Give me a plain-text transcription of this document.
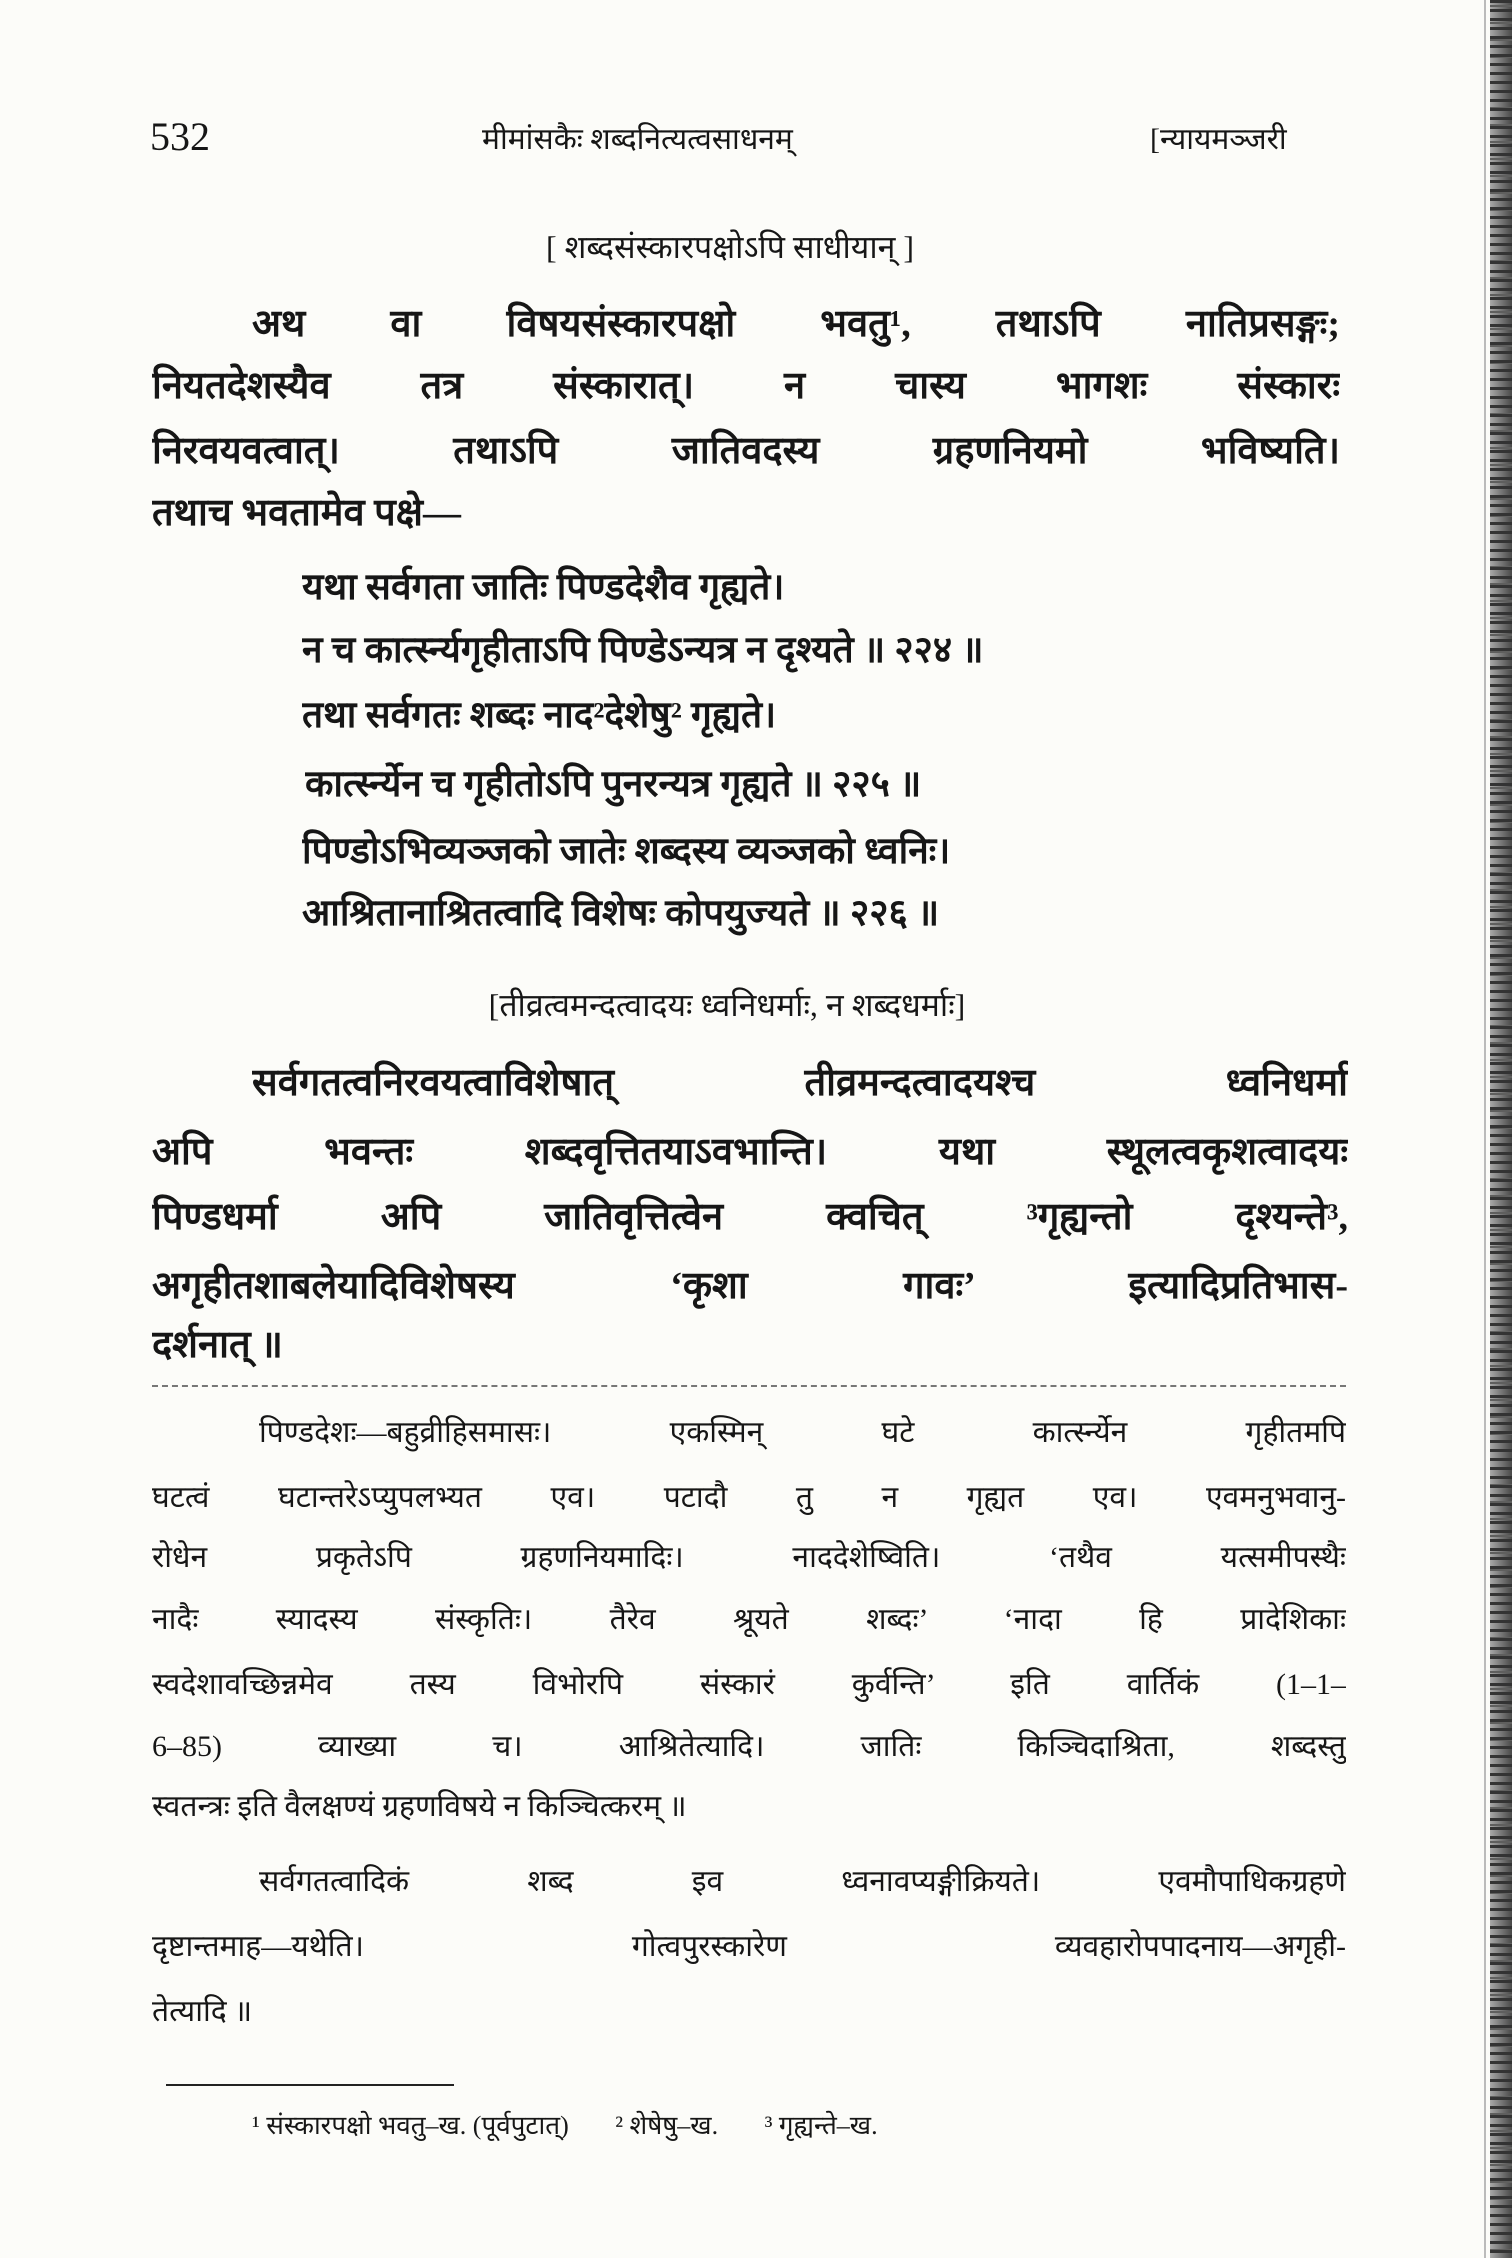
532	मीमांसकैः शब्दनित्यत्वसाधनम्	[न्यायमञ्जरी
[ शब्दसंस्कारपक्षोऽपि साधीयान् ]
अथ वा विषयसंस्कारपक्षो भवतु¹, तथाऽपि नातिप्रसङ्गः;
नियतदेशस्यैव तत्र संस्कारात्। न चास्य भागशः संस्कारः
निरवयवत्वात्। तथाऽपि जातिवदस्य ग्रहणनियमो भविष्यति।
तथाच भवतामेव पक्षे—
यथा सर्वगता जातिः पिण्डदेशैव गृह्यते।
न च कार्त्स्न्यगृहीताऽपि पिण्डेऽन्यत्र न दृश्यते ॥ २२४ ॥
तथा सर्वगतः शब्दः नाद²देशेषु² गृह्यते।
कार्त्स्न्येन च गृहीतोऽपि पुनरन्यत्र गृह्यते ॥ २२५ ॥
पिण्डोऽभिव्यञ्जको जातेः शब्दस्य व्यञ्जको ध्वनिः।
आश्रितानाश्रितत्वादि विशेषः कोपयुज्यते ॥ २२६ ॥
[तीव्रत्वमन्दत्वादयः ध्वनिधर्माः, न शब्दधर्माः]
सर्वगतत्वनिरवयत्वाविशेषात् तीव्रमन्दत्वादयश्च ध्वनिधर्मा
अपि भवन्तः शब्दवृत्तितयाऽवभान्ति। यथा स्थूलत्वकृशत्वादयः
पिण्डधर्मा अपि जातिवृत्तित्वेन क्वचित् ³गृह्यन्तो दृश्यन्ते³,
अगृहीतशाबलेयादिविशेषस्य ‘कृशा गावः’ इत्यादिप्रतिभास-
दर्शनात् ॥
पिण्डदेशः—बहुव्रीहिसमासः। एकस्मिन् घटे कार्त्स्न्येन गृहीतमपि
घटत्वं घटान्तरेऽप्युपलभ्यत एव। पटादौ तु न गृह्यत एव। एवमनुभवानु-
रोधेन प्रकृतेऽपि ग्रहणनियमादिः। नाददेशेष्विति। ‘तथैव यत्समीपस्थैः
नादैः स्यादस्य संस्कृतिः। तैरेव श्रूयते शब्दः’ ‘नादा हि प्रादेशिकाः
स्वदेशावच्छिन्नमेव तस्य विभोरपि संस्कारं कुर्वन्ति’ इति वार्तिकं (1–1–
6–85) व्याख्या च। आश्रितेत्यादि। जातिः किञ्चिदाश्रिता, शब्दस्तु
स्वतन्त्रः इति वैलक्षण्यं ग्रहणविषये न किञ्चित्करम् ॥
सर्वगतत्वादिकं शब्द इव ध्वनावप्यङ्गीक्रियते। एवमौपाधिकग्रहणे
दृष्टान्तमाह—यथेति। गोत्वपुरस्कारेण व्यवहारोपपादनाय—अगृही-
तेत्यादि ॥
¹ संस्कारपक्षो भवतु–ख. (पूर्वपुटात्) ² शेषेषु–ख. ³ गृह्यन्ते–ख.
